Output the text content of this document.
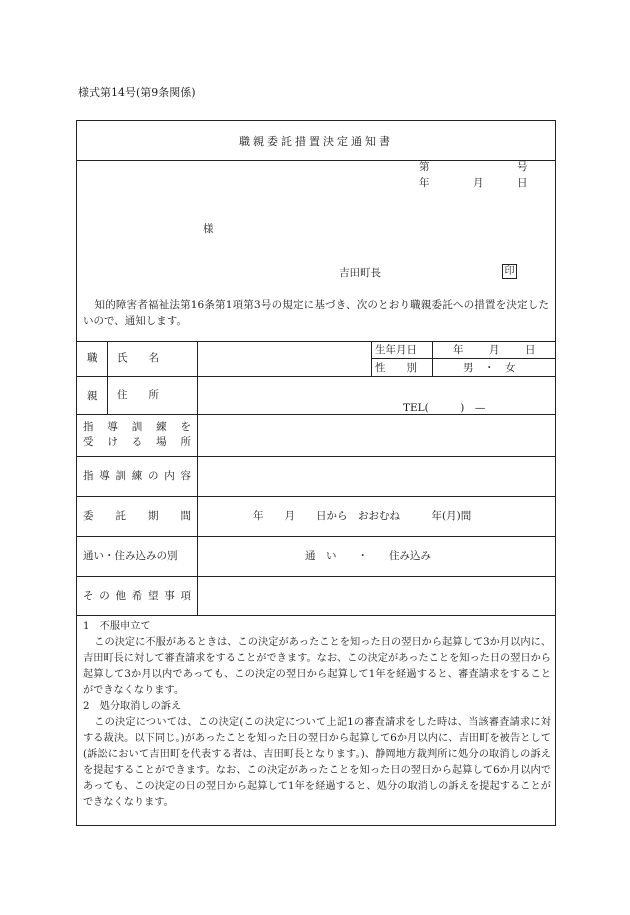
様式第14号(第9条関係)
職親委託措置決定通知書
第	号
年	月	日
様
吉田町長	印
知的障害者福祉法第16条第1項第3号の規定に基づき、次のとおり職親委託への措置を決定したいので、通知します。
職
親
氏　　名
生年月日	年 月 日
性　　別	男　・　女
住　　所
TEL(　　　)　—
指 導 訓 練 を
受 け る 場 所
指 導 訓 練 の 内 容
委 託 期 間	年　　月　　日から　おおむね　　　年(月)間
通い・住み込みの別	通　い　　・　　住み込み
そ の 他 希 望 事 項

1　不服申立て

この決定に不服があるときは、この決定があったことを知った日の翌日から起算して3か月以内に、吉田町長に対して審査請求をすることができます。なお、この決定があったことを知った日の翌日から起算して3か月以内であっても、この決定の翌日から起算して1年を経過すると、審査請求をすることができなくなります。

2　処分取消しの訴え

この決定については、この決定(この決定について上記1の審査請求をした時は、当該審査請求に対する裁決。以下同じ。)があったことを知った日の翌日から起算して6か月以内に、吉田町を被告として(訴訟において吉田町を代表する者は、吉田町長となります。)、静岡地方裁判所に処分の取消しの訴えを提起することができます。なお、この決定があったことを知った日の翌日から起算して6か月以内であっても、この決定の日の翌日から起算して1年を経過すると、処分の取消しの訴えを提起することができなくなります。
